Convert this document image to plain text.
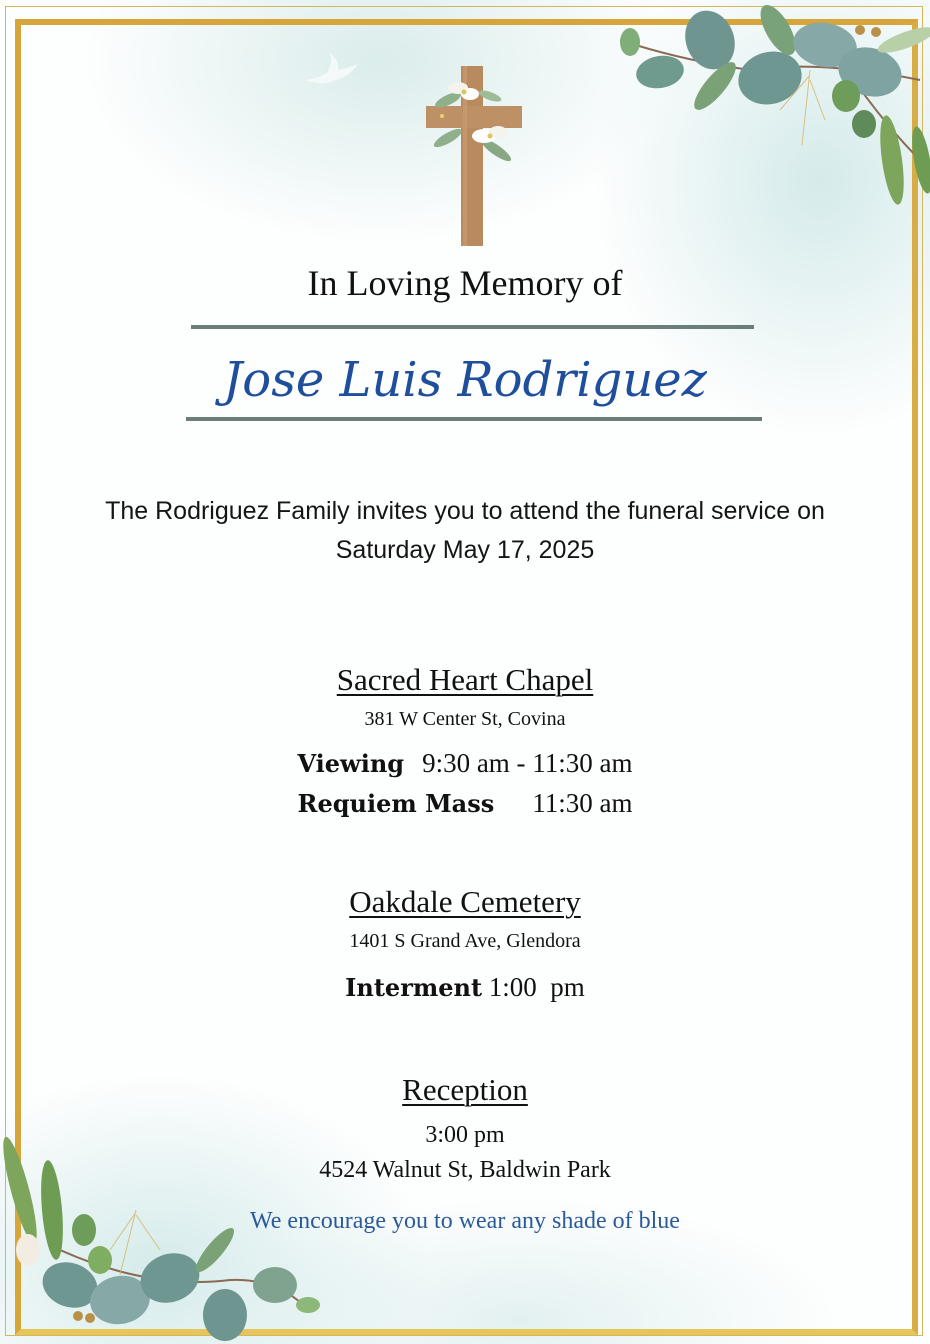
In Loving Memory of
Jose Luis Rodriguez
The Rodriguez Family invites you to attend the funeral service on
Saturday May 17, 2025
Sacred Heart Chapel
381 W Center St, Covina
Viewing 9:30 am - 11:30 am
Requiem Mass 11:30 am
Oakdale Cemetery
1401 S Grand Ave, Glendora
Interment 1:00  pm
Reception
3:00 pm
4524 Walnut St, Baldwin Park
We encourage you to wear any shade of blue
